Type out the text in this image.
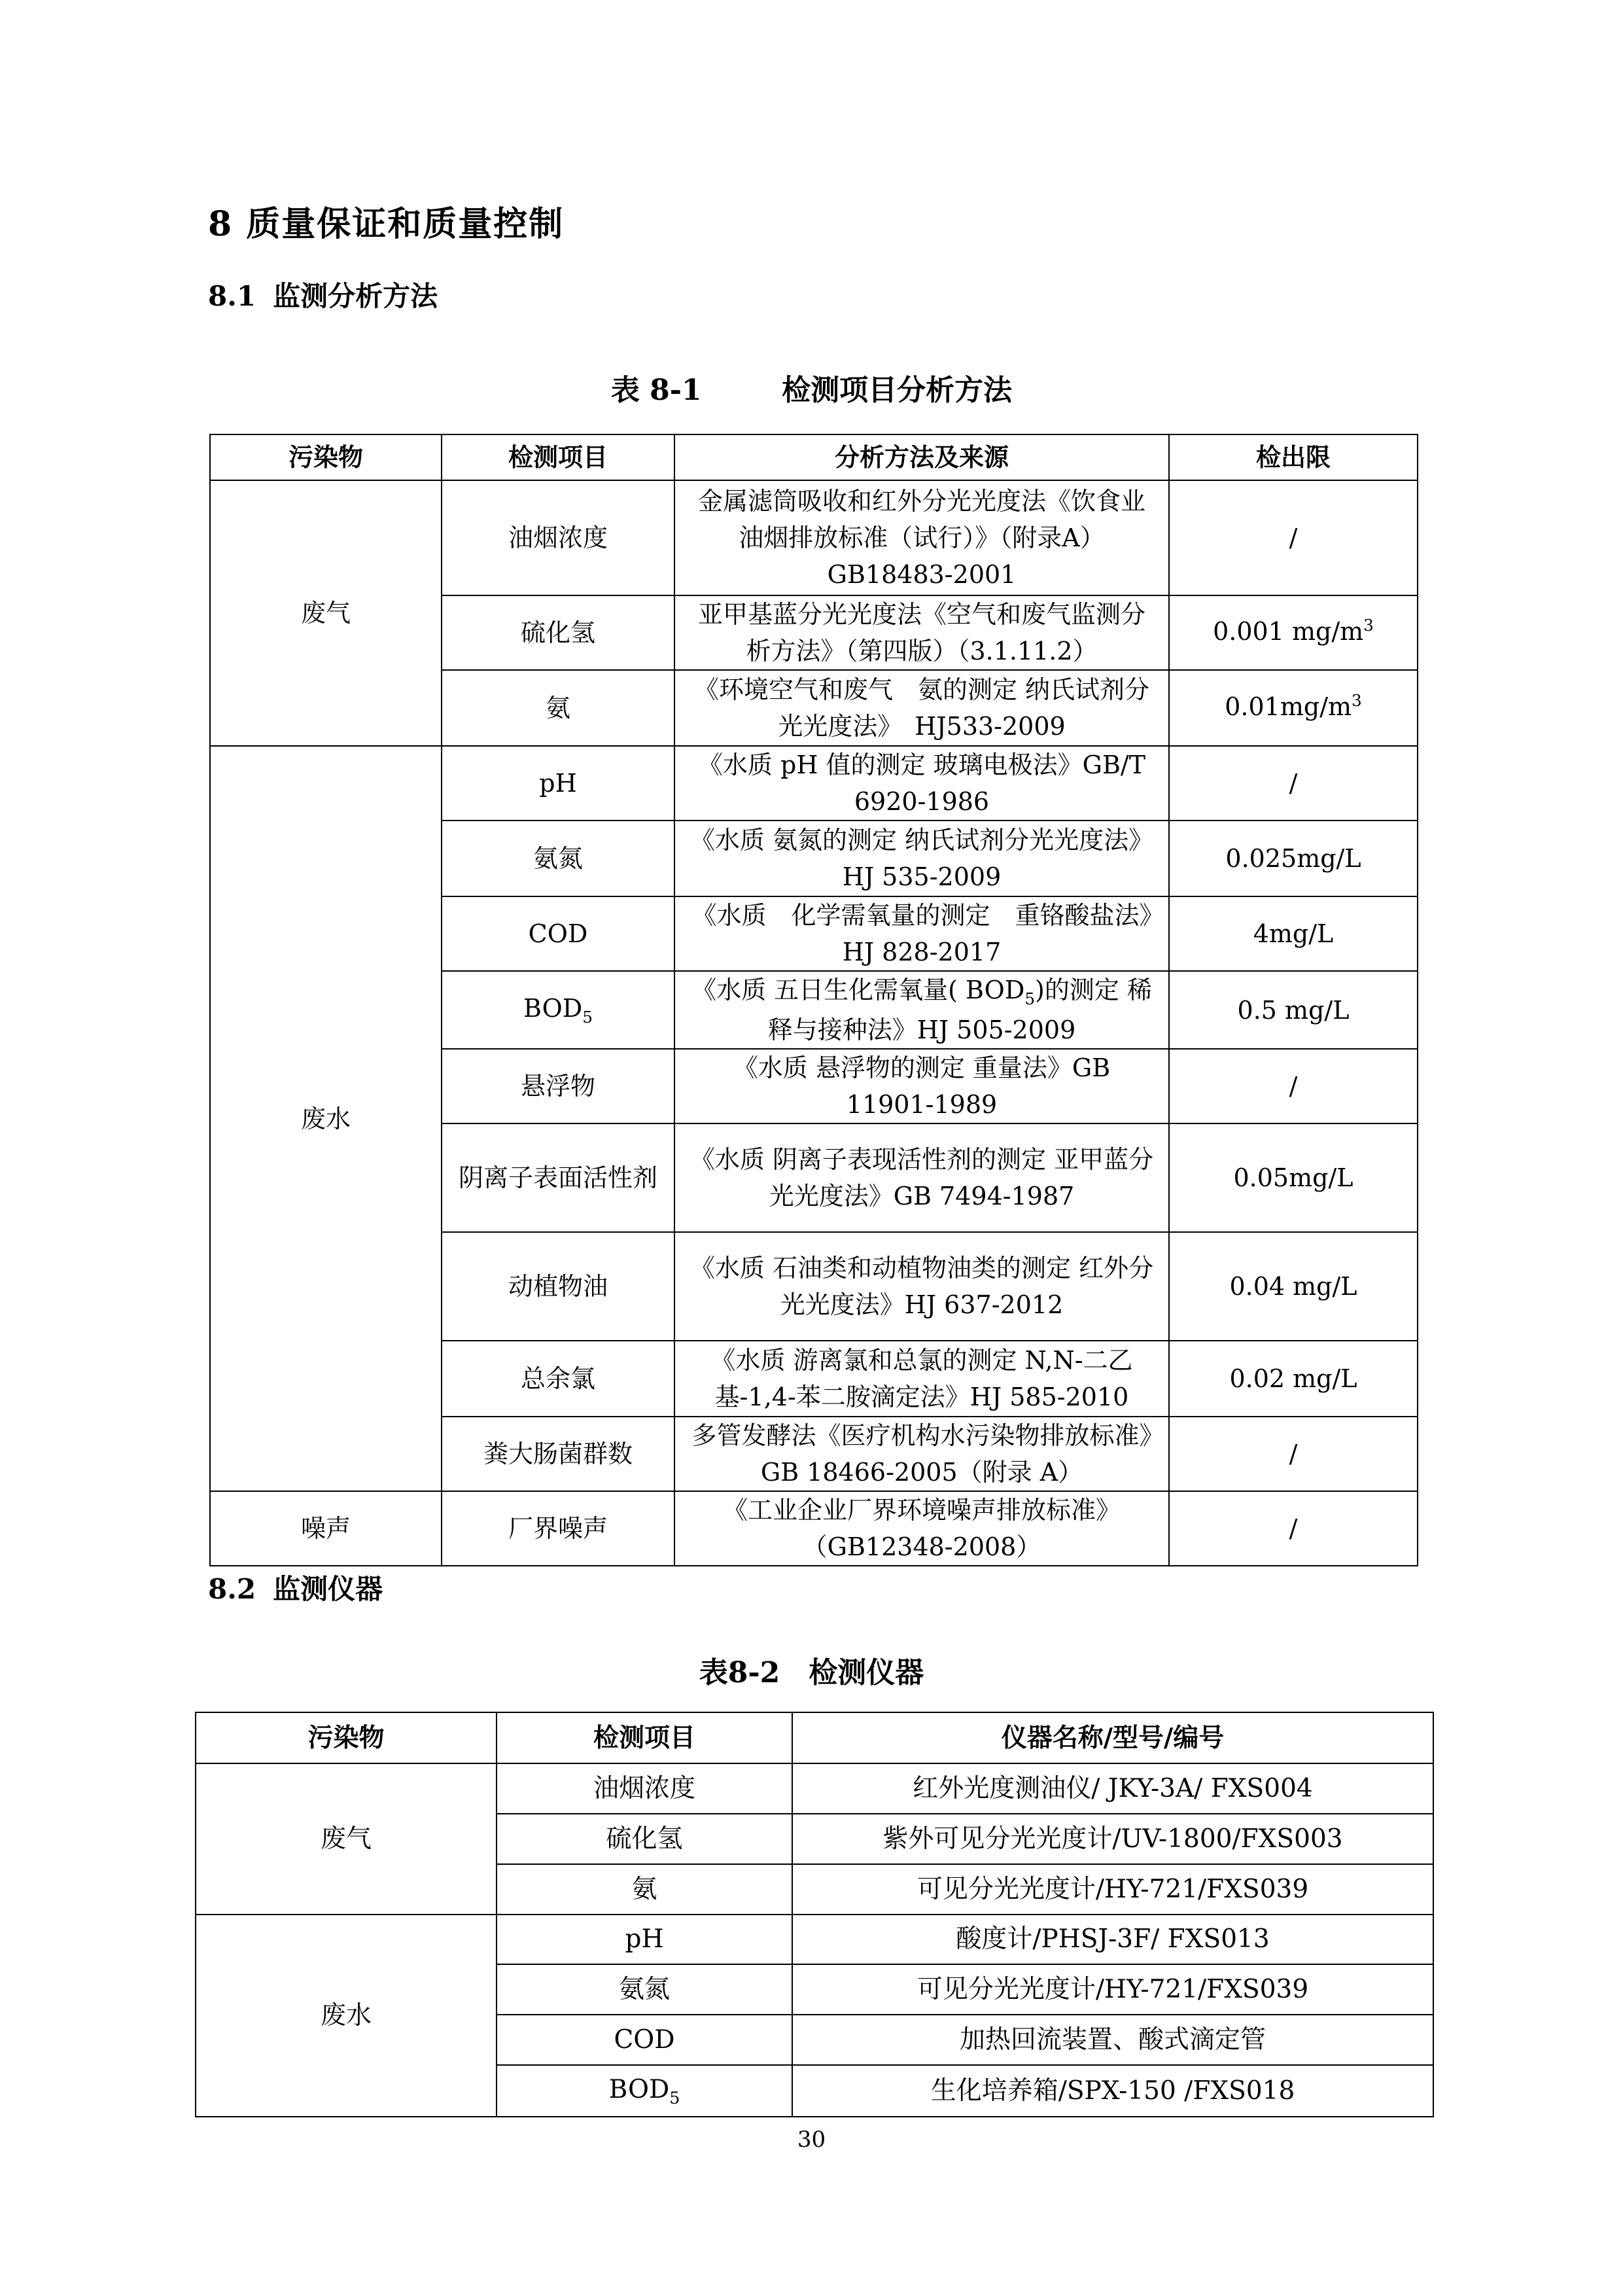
8 质量保证和质量控制
8.1 监测分析方法
表 8-1        检测项目分析方法
污染物	检测项目	分析方法及来源	检出限
废气	油烟浓度	金属滤筒吸收和红外分光光度法《饮食业油烟排放标准（试行）》（附录A）GB18483-2001	/
	硫化氢	亚甲基蓝分光光度法《空气和废气监测分析方法》（第四版）（3.1.11.2）	0.001 $mg/m^3$
	氨	《环境空气和废气　氨的测定 纳氏试剂分光光度法》　HJ533-2009	$0.01mg/m^3$
废水	pH	《水质 pH 值的测定 玻璃电极法》GB/T 6920-1986	/
	氨氮	《水质 氨氮的测定 纳氏试剂分光光度法》HJ 535-2009	0.025mg/L
	COD	《水质　化学需氧量的测定　重铬酸盐法》HJ 828-2017	4mg/L
	$BOD_5$	《水质 五日生化需氧量( $BOD_5$)的测定 稀释与接种法》HJ 505-2009	0.5 mg/L
	悬浮物	《水质 悬浮物的测定 重量法》GB 11901-1989	/
	阴离子表面活性剂	《水质 阴离子表现活性剂的测定 亚甲蓝分光光度法》GB 7494-1987	0.05mg/L
	动植物油	《水质 石油类和动植物油类的测定 红外分光光度法》HJ 637-2012	0.04 mg/L
	总余氯	《水质 游离氯和总氯的测定 N,N-二乙基-1,4-苯二胺滴定法》HJ 585-2010	0.02 mg/L
	粪大肠菌群数	多管发酵法《医疗机构水污染物排放标准》GB 18466-2005（附录 A）	/
噪声	厂界噪声	《工业企业厂界环境噪声排放标准》（GB12348-2008）	/
8.2 监测仪器
表8-2　检测仪器
污染物	检测项目	仪器名称/型号/编号
废气	油烟浓度	红外光度测油仪/ JKY-3A/ FXS004
	硫化氢	紫外可见分光光度计/UV-1800/FXS003
	氨	可见分光光度计/HY-721/FXS039
废水	pH	酸度计/PHSJ-3F/ FXS013
	氨氮	可见分光光度计/HY-721/FXS039
	COD	加热回流装置、酸式滴定管
	$BOD_5$	生化培养箱/SPX-150 /FXS018
30
